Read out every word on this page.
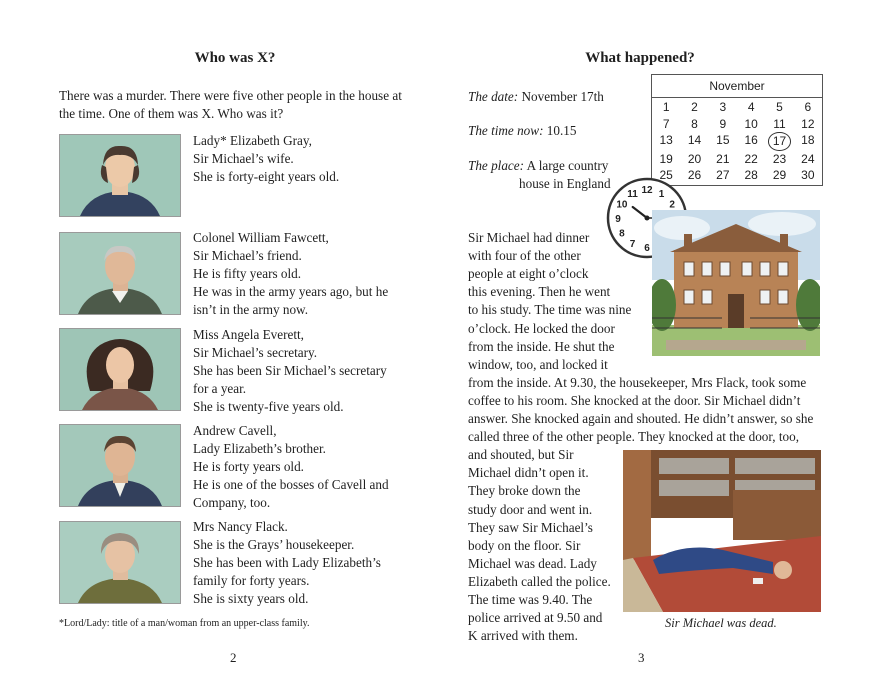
Who was X?
There was a murder. There were five other people in the house at
the time. One of them was X. Who was it?
Lady* Elizabeth Gray,
Sir Michael’s wife.
She is forty-eight years old.
Colonel William Fawcett,
Sir Michael’s friend.
He is fifty years old.
He was in the army years ago, but he
isn’t in the army now.
Miss Angela Everett,
Sir Michael’s secretary.
She has been Sir Michael’s secretary
for a year.
She is twenty-five years old.
Andrew Cavell,
Lady Elizabeth’s brother.
He is forty years old.
He is one of the bosses of Cavell and
Company, too.
Mrs Nancy Flack.
She is the Grays’ housekeeper.
She has been with Lady Elizabeth’s
family for forty years.
She is sixty years old.
*Lord/Lady: title of a man/woman from an upper-class family.
2
What happened?
The date: November 17th
The time now: 10.15
The place: A large country
house in England
November
1	2	3	4	5	6
7	8	9	10	11	12
13	14	15	16	17	18
19	20	21	22	23	24
25	26	27	28	29	30
12 1
2
6
7
8
9
10
11
Sir Michael had dinner
with four of the other
people at eight o’clock
this evening. Then he went
to his study. The time was nine
o’clock. He locked the door
from the inside. He shut the
window, too, and locked it
from the inside. At 9.30, the housekeeper, Mrs Flack, took some
coffee to his room. She knocked at the door. Sir Michael didn’t
answer. She knocked again and shouted. He didn’t answer, so she
called three of the other people. They knocked at the door, too,
and shouted, but Sir
Michael didn’t open it.
They broke down the
study door and went in.
They saw Sir Michael’s
body on the floor. Sir
Michael was dead. Lady
Elizabeth called the police.
The time was 9.40. The
police arrived at 9.50 and
K arrived with them.
Sir Michael was dead.
3
